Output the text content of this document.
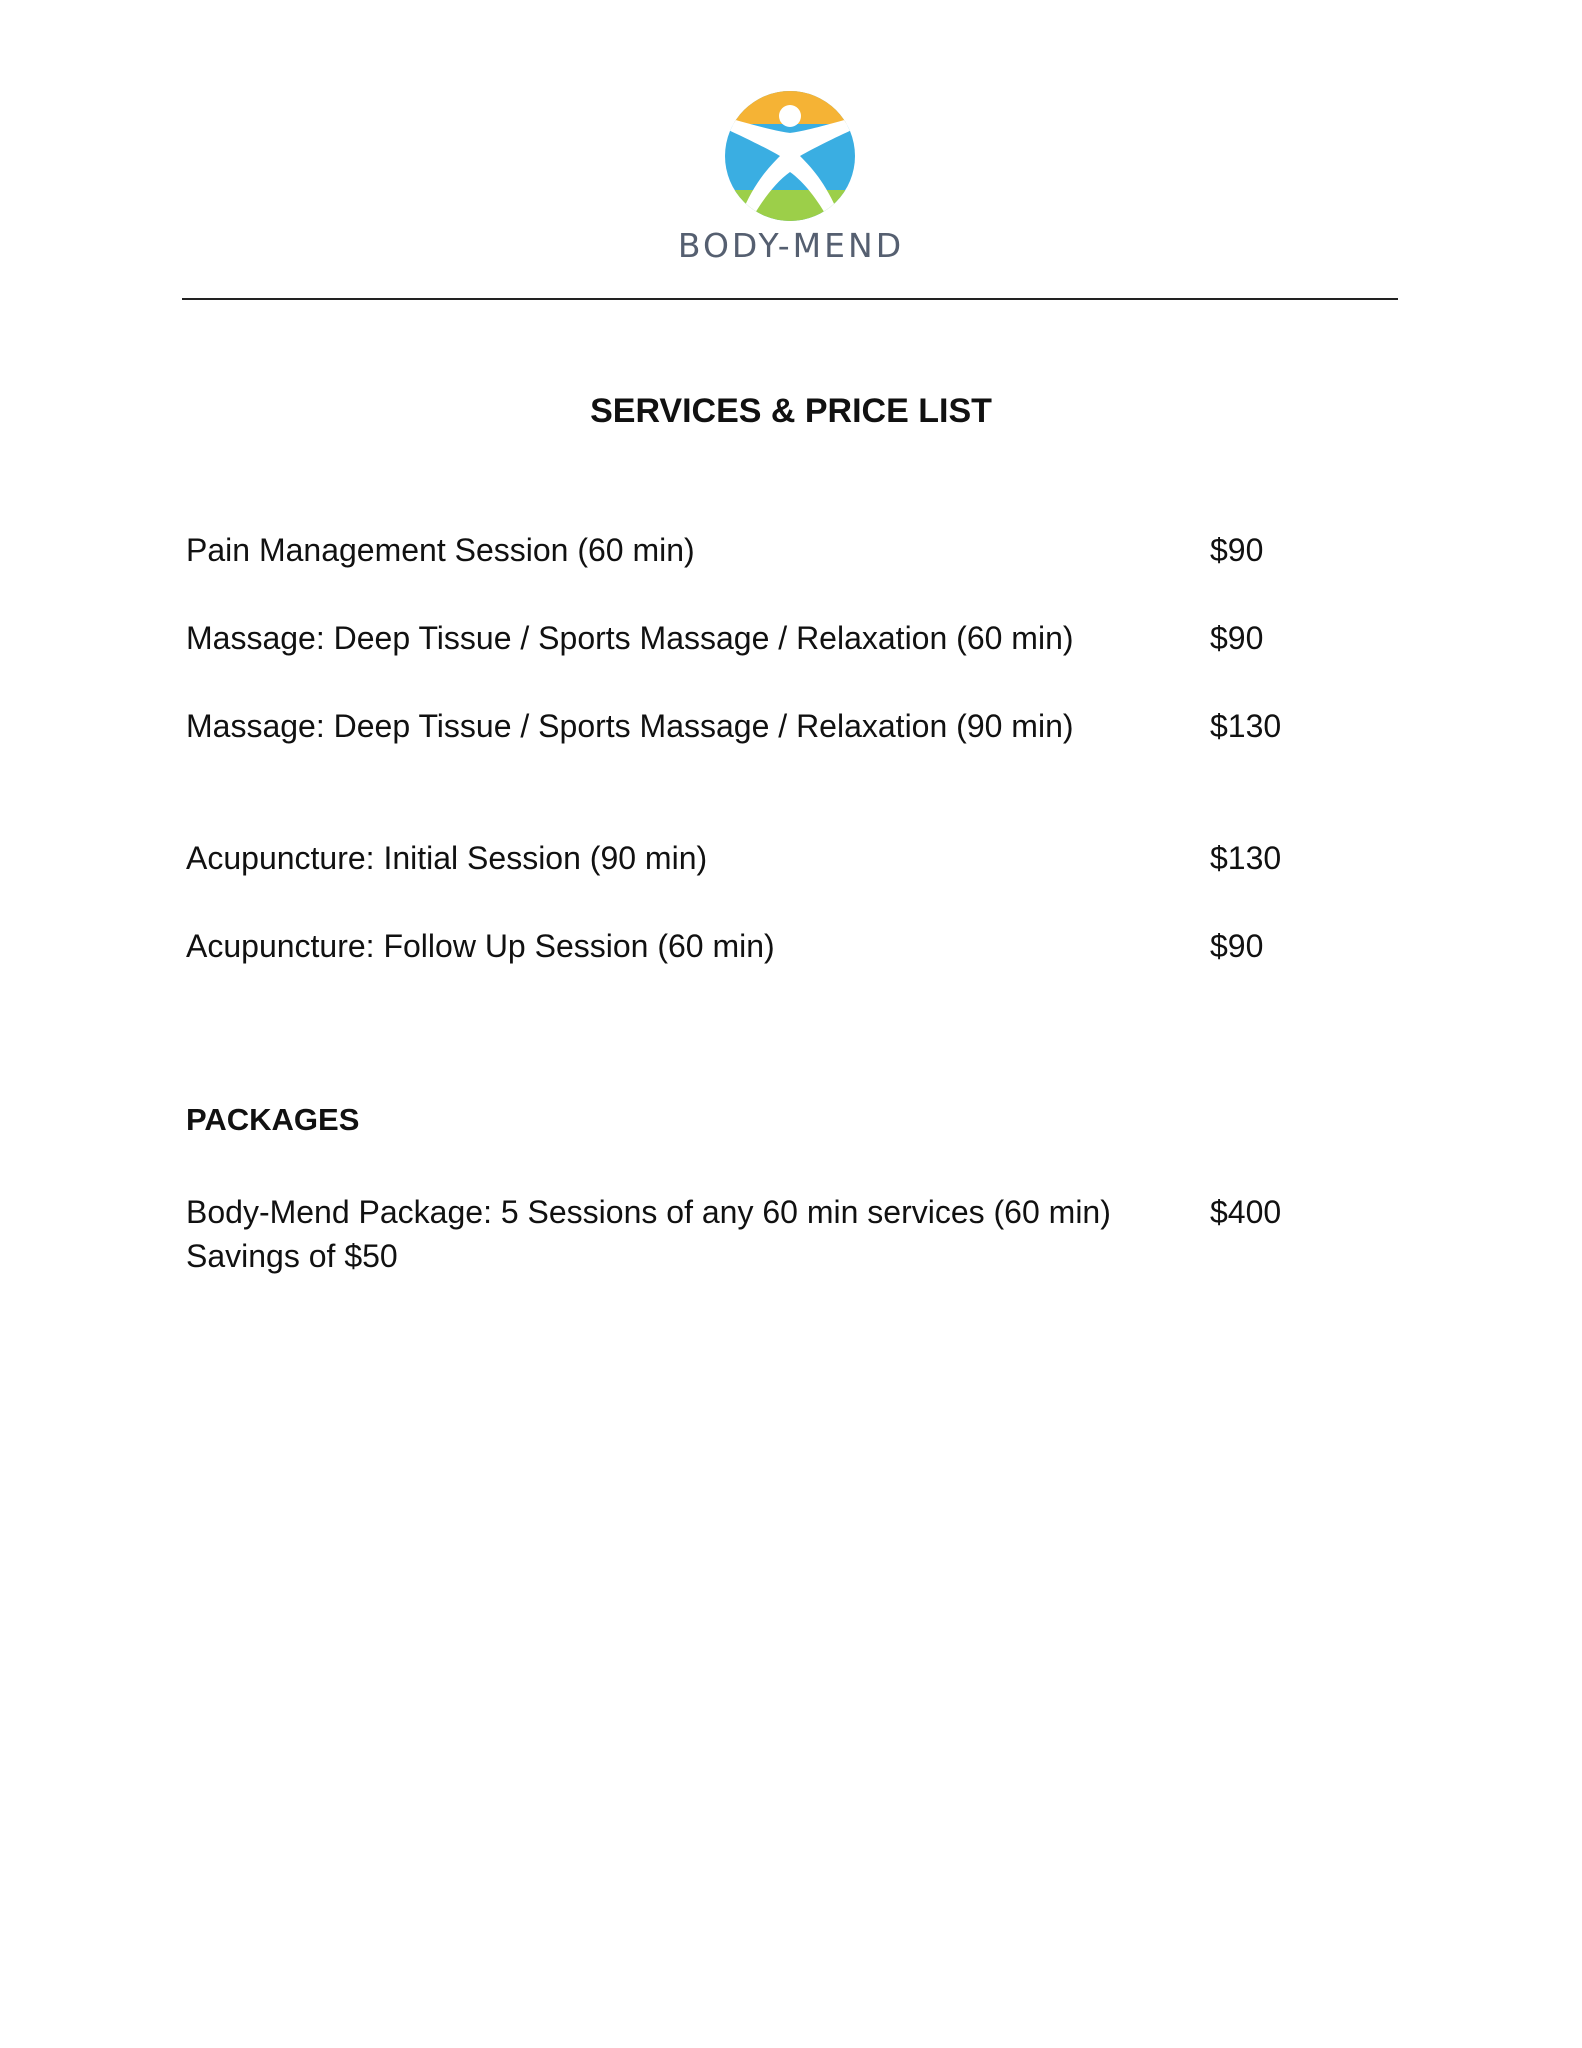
BODY-MEND
SERVICES & PRICE LIST
Pain Management Session (60 min)	$90
Massage: Deep Tissue / Sports Massage / Relaxation (60 min)	$90
Massage: Deep Tissue / Sports Massage / Relaxation (90 min)	$130
Acupuncture: Initial Session (90 min)	$130
Acupuncture: Follow Up Session (60 min)	$90
PACKAGES
Body-Mend Package: 5 Sessions of any 60 min services (60 min)	$400
Savings of $50
